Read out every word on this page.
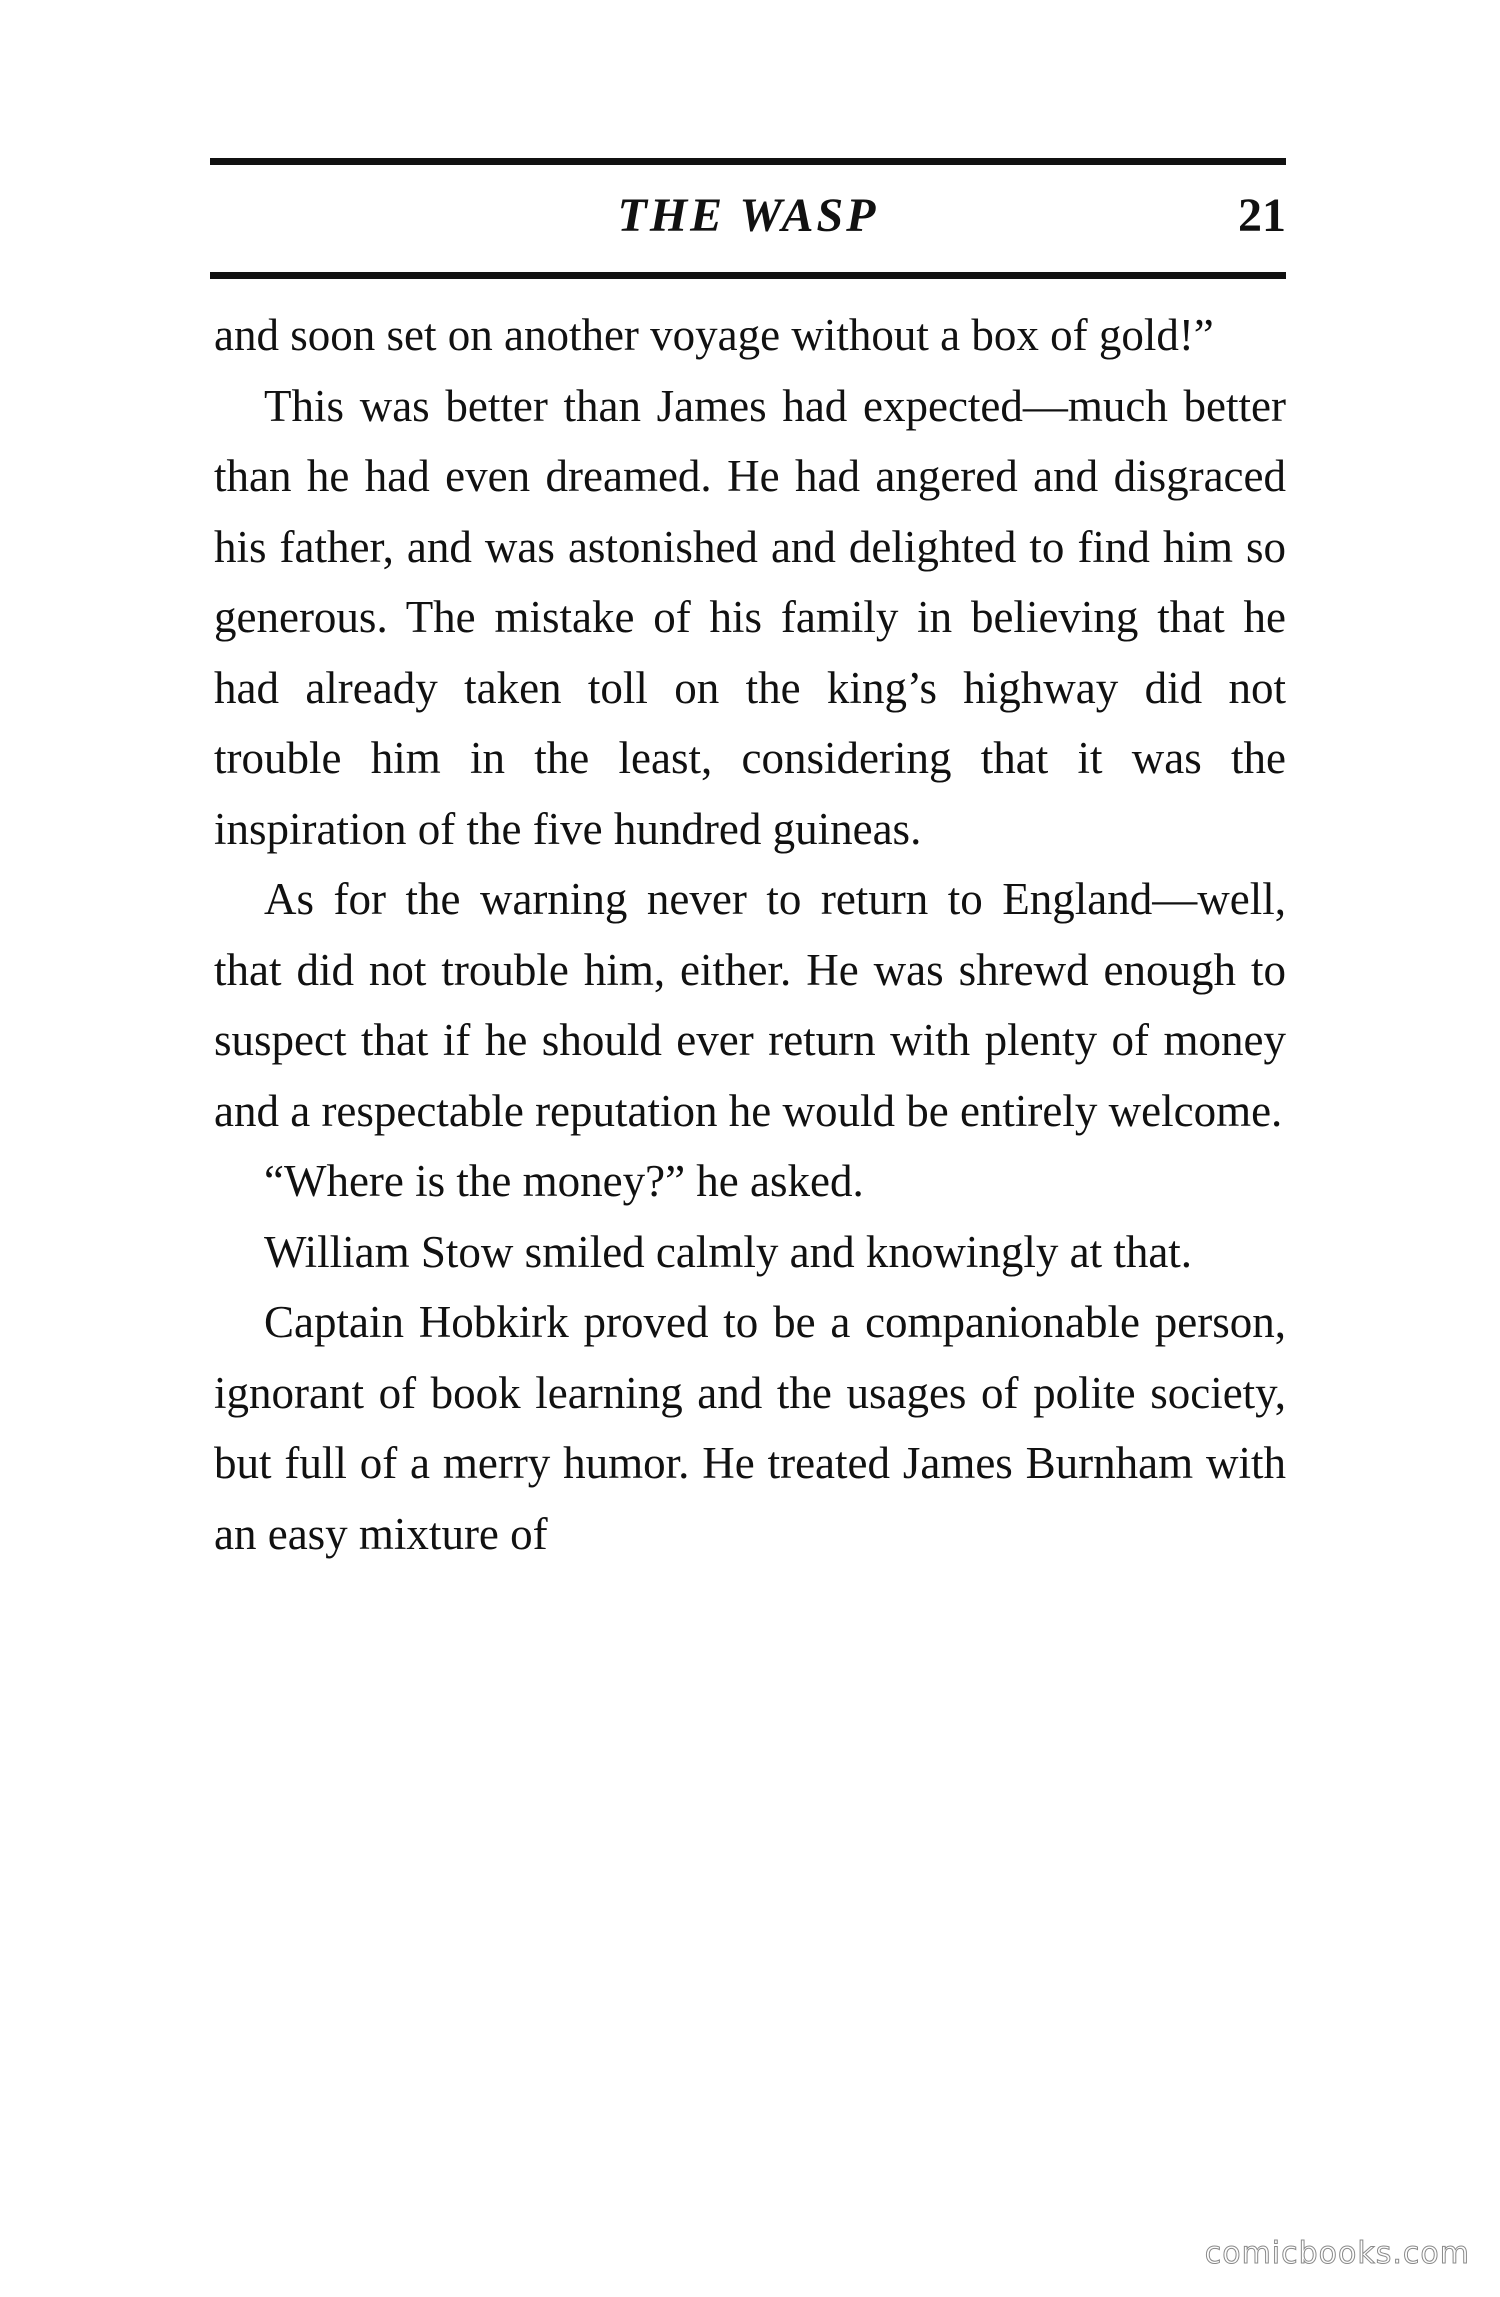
THE WASP	21

and soon set on another voyage without a box of gold!”

This was better than James had expected—much better than he had even dreamed. He had angered and disgraced his father, and was astonished and delighted to find him so generous. The mistake of his family in believing that he had already taken toll on the king’s highway did not trouble him in the least, considering that it was the inspiration of the five hundred guineas.

As for the warning never to return to England—well, that did not trouble him, either. He was shrewd enough to suspect that if he should ever return with plenty of money and a respectable reputation he would be entirely welcome.

“Where is the money?” he asked.

William Stow smiled calmly and knowingly at that.

Captain Hobkirk proved to be a companionable person, ignorant of book learning and the usages of polite society, but full of a merry humor. He treated James Burnham with an easy mixture of

comicbooks.com
